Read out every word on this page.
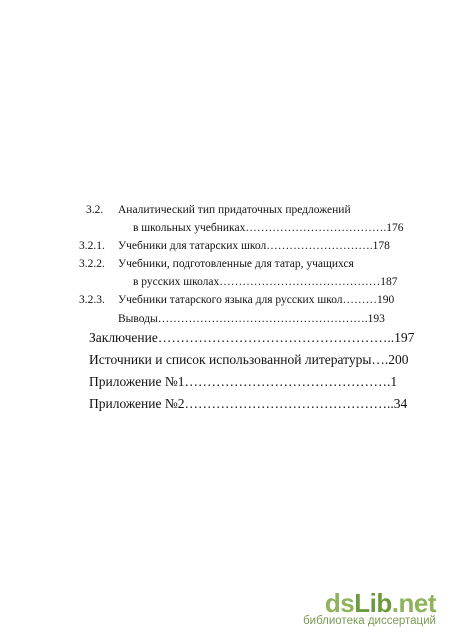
3.2. Аналитический тип придаточных предложений
в школьных учебниках……………………………….176
3.2.1. Учебники для татарских школ……………………….178
3.2.2. Учебники, подготовленные для татар, учащихся
в русских школах……………………………………187
3.2.3. Учебники татарского языка для русских школ………190
Выводы……………………………………………….193
Заключение……………………………………………..197
Источники и список использованной литературы….200
Приложение №1……………………………………….1
Приложение №2………………………………………..34
dsLib.net
библиотека диссертаций
